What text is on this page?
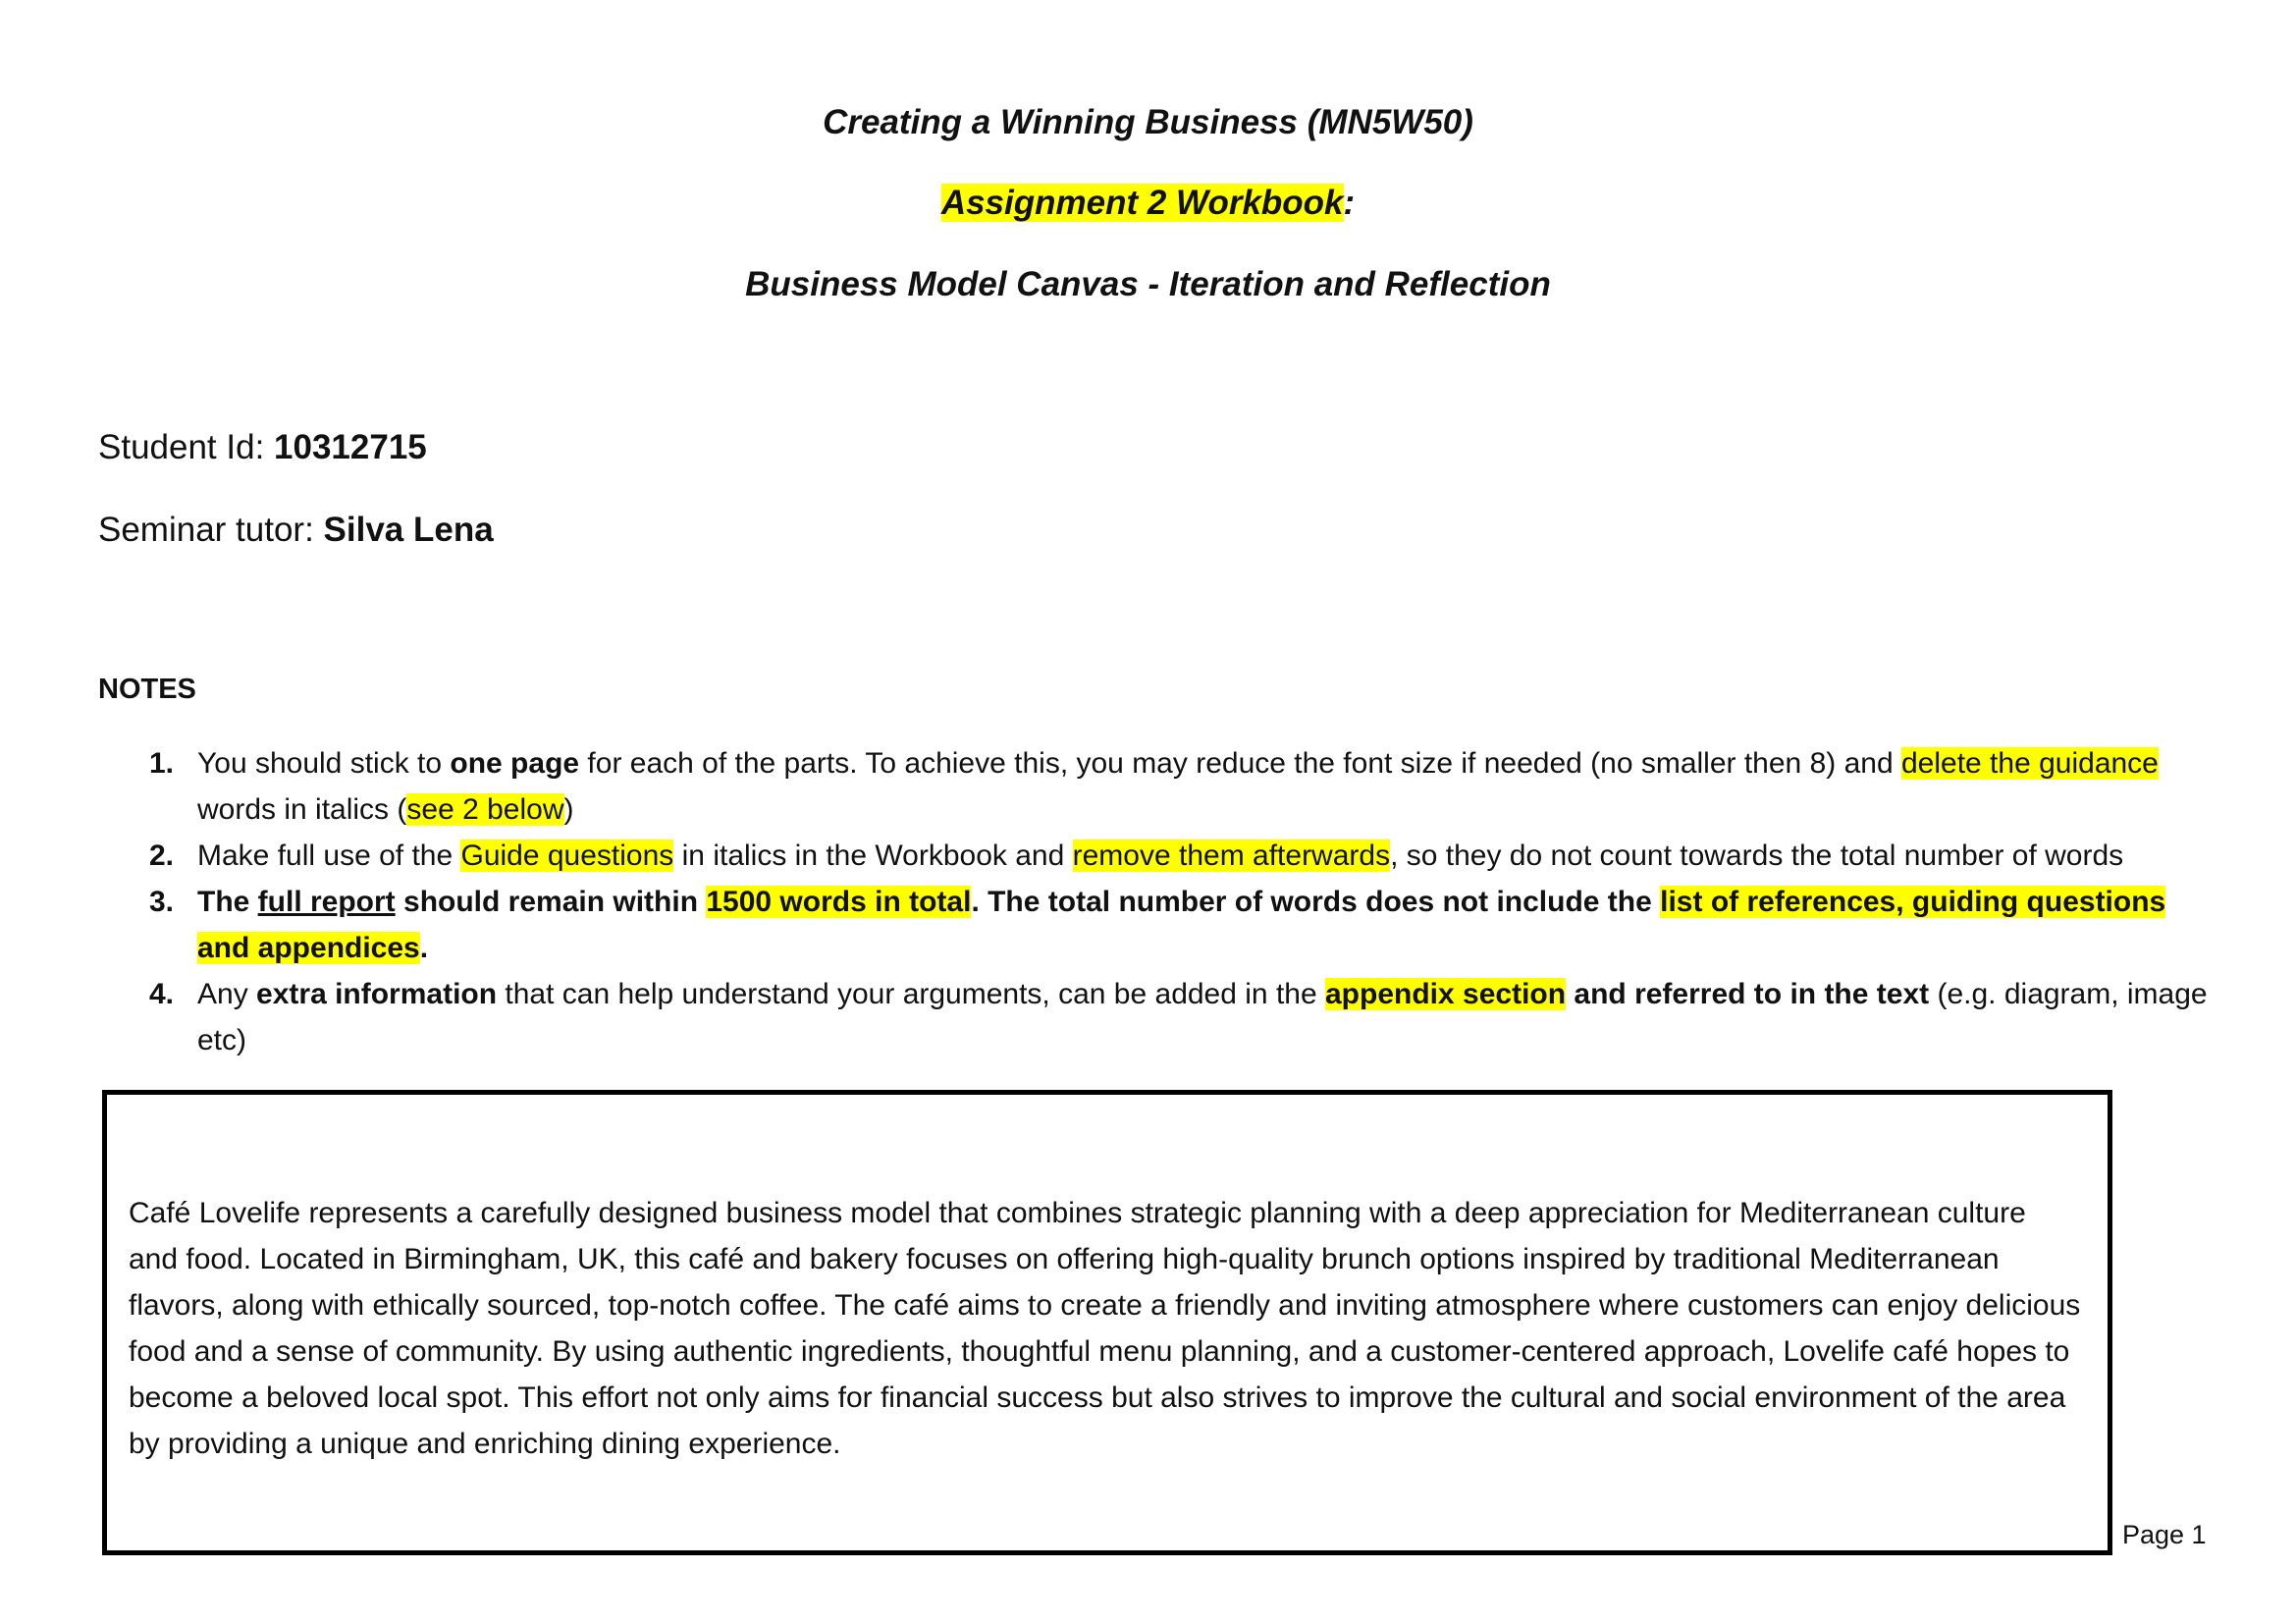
Creating a Winning Business (MN5W50)

Assignment 2 Workbook:

Business Model Canvas - Iteration and Reflection

Student Id: 10312715

Seminar tutor: Silva Lena

NOTES

1. You should stick to one page for each of the parts. To achieve this, you may reduce the font size if needed (no smaller then 8) and delete the guidance words in italics (see 2 below)
2. Make full use of the Guide questions in italics in the Workbook and remove them afterwards, so they do not count towards the total number of words
3. The full report should remain within 1500 words in total. The total number of words does not include the list of references, guiding questions and appendices.
4. Any extra information that can help understand your arguments, can be added in the appendix section and referred to in the text (e.g. diagram, image etc)

Café Lovelife represents a carefully designed business model that combines strategic planning with a deep appreciation for Mediterranean culture and food. Located in Birmingham, UK, this café and bakery focuses on offering high-quality brunch options inspired by traditional Mediterranean flavors, along with ethically sourced, top-notch coffee. The café aims to create a friendly and inviting atmosphere where customers can enjoy delicious food and a sense of community. By using authentic ingredients, thoughtful menu planning, and a customer-centered approach, Lovelife café hopes to become a beloved local spot. This effort not only aims for financial success but also strives to improve the cultural and social environment of the area by providing a unique and enriching dining experience.

Page 1
